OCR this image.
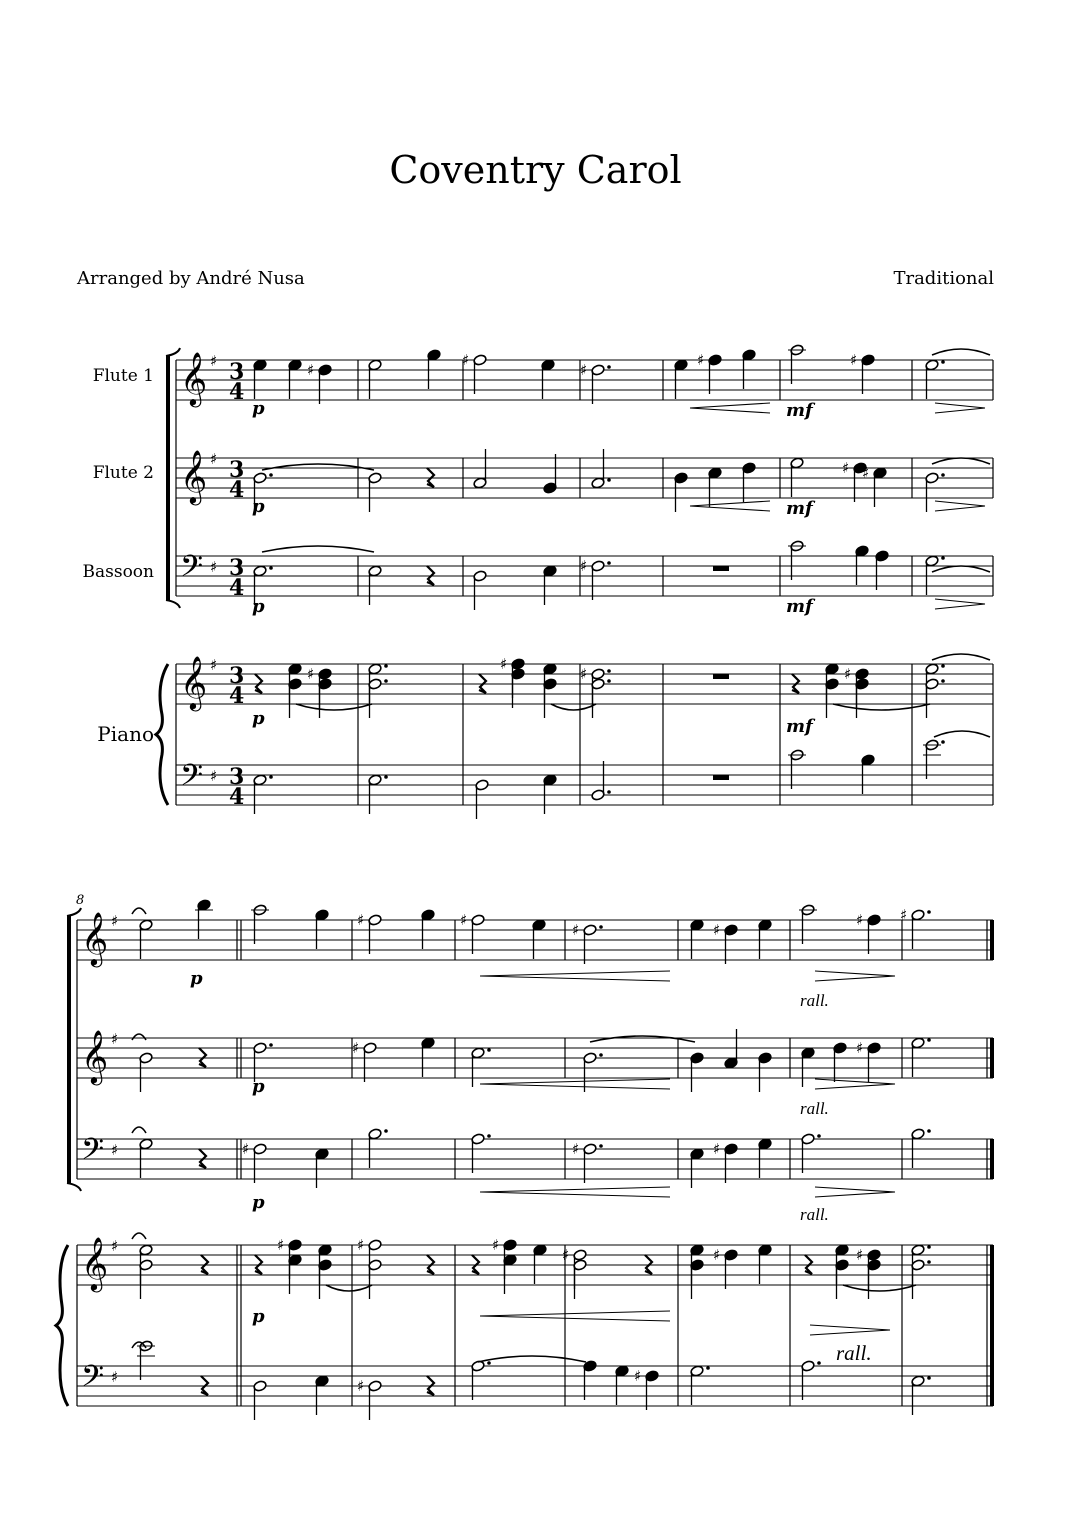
Coventry Carol
Arranged by André Nusa	Traditional
Flute 1
Flute 2
Bassoon
Piano
8
𝄞 ♯ 3
4
𝄞 ♯ 3
4
𝄢 ♯ 3
4
𝄞 ♯ 3
4
𝄢 ♯ 3
4
♯
♯
♯
♯	♯
p	mf
♯ ♯
p	mf
♯
p	mf
♯
♯
♯	♯
p	mf
𝄞 ♯
𝄞 ♯
𝄢 ♯
𝄞 ♯
𝄢 ♯
♯	♯
♯	♯
♯ ♯
p
rall.
♯	♯
p
rall.
♯	♯	♯
p
rall.
♯	♯	♯
♯	♯	♯
p
rall.
♯
♯
